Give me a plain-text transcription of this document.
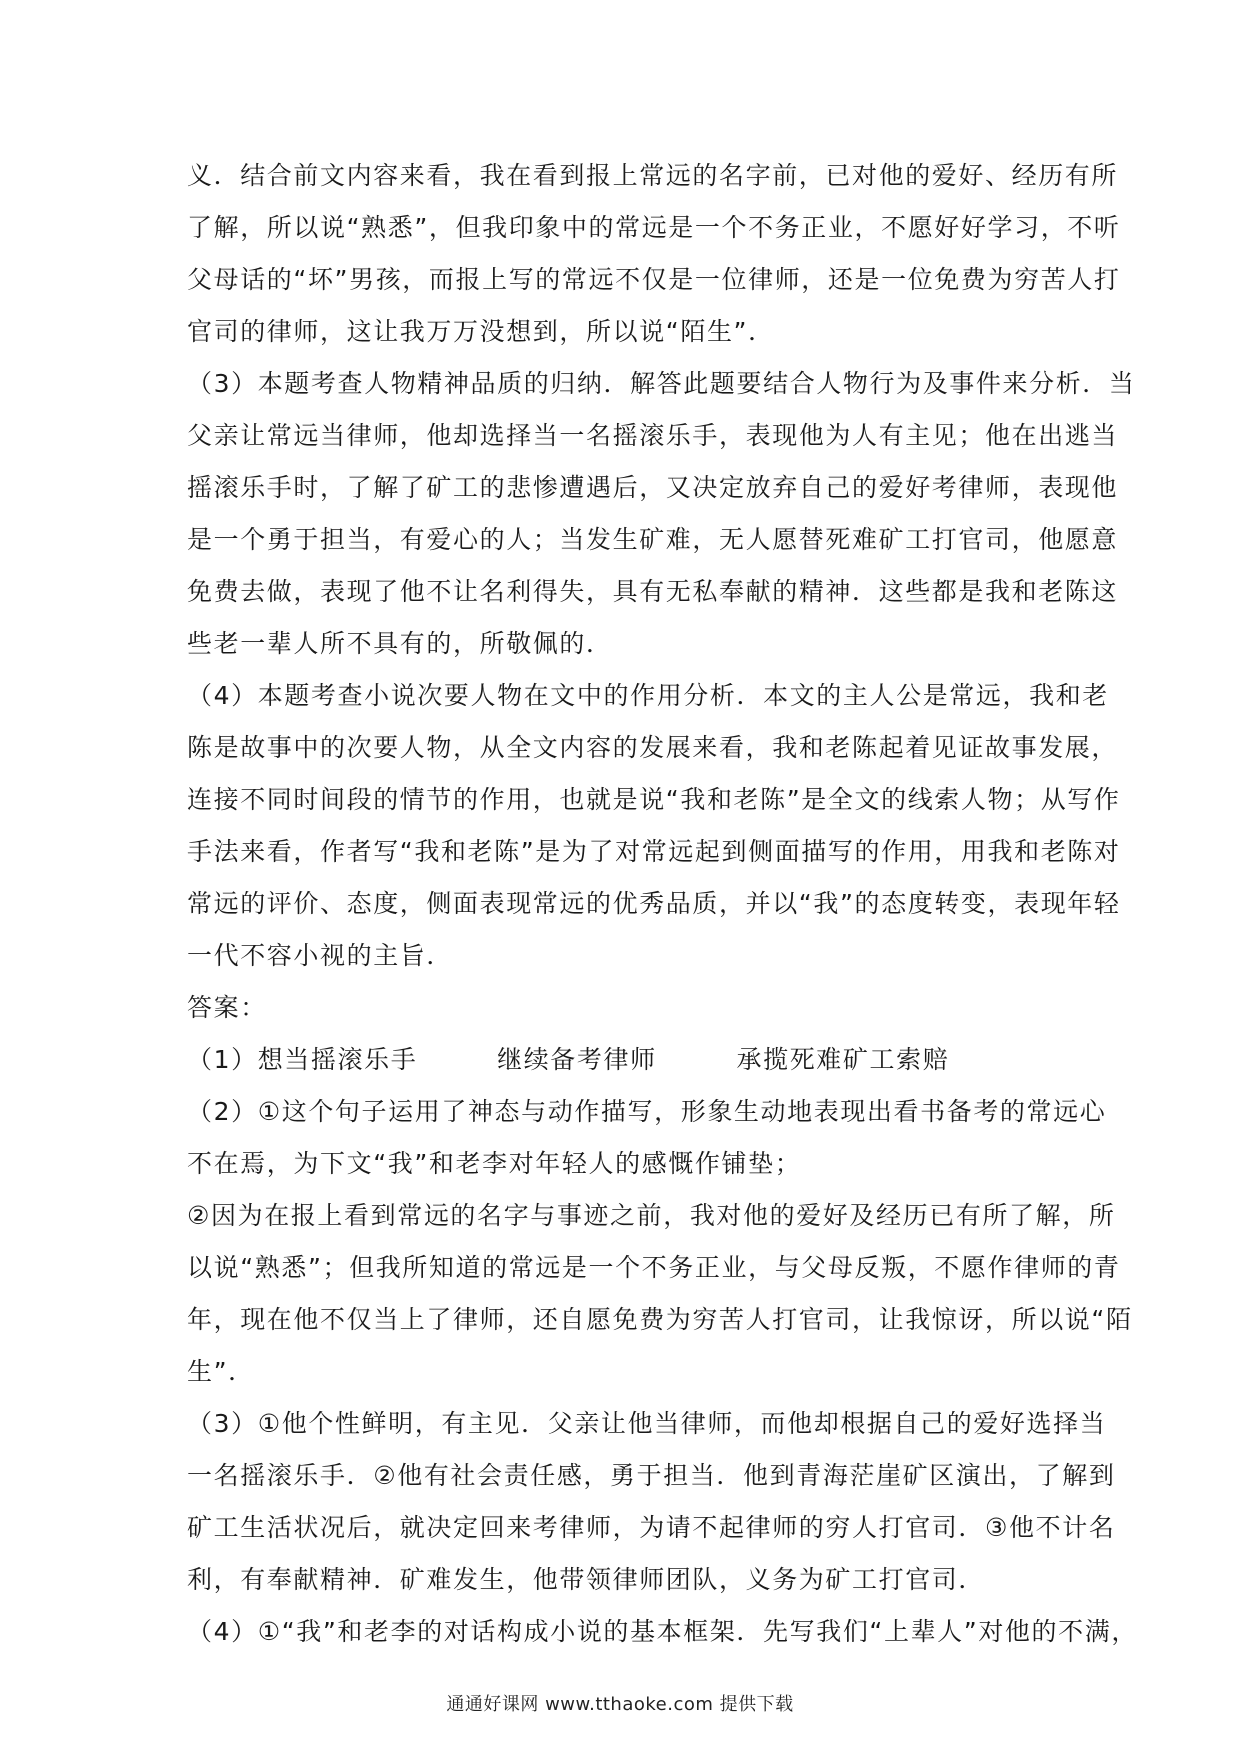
义．结合前文内容来看，我在看到报上常远的名字前，已对他的爱好、经历有所
了解，所以说“熟悉”，但我印象中的常远是一个不务正业，不愿好好学习，不听
父母话的“坏”男孩，而报上写的常远不仅是一位律师，还是一位免费为穷苦人打
官司的律师，这让我万万没想到，所以说“陌生”．
（3）本题考查人物精神品质的归纳．解答此题要结合人物行为及事件来分析．当
父亲让常远当律师，他却选择当一名摇滚乐手，表现他为人有主见；他在出逃当
摇滚乐手时，了解了矿工的悲惨遭遇后，又决定放弃自己的爱好考律师，表现他
是一个勇于担当，有爱心的人；当发生矿难，无人愿替死难矿工打官司，他愿意
免费去做，表现了他不让名利得失，具有无私奉献的精神．这些都是我和老陈这
些老一辈人所不具有的，所敬佩的．
（4）本题考查小说次要人物在文中的作用分析．本文的主人公是常远，我和老
陈是故事中的次要人物，从全文内容的发展来看，我和老陈起着见证故事发展，
连接不同时间段的情节的作用，也就是说“我和老陈”是全文的线索人物；从写作
手法来看，作者写“我和老陈”是为了对常远起到侧面描写的作用，用我和老陈对
常远的评价、态度，侧面表现常远的优秀品质，并以“我”的态度转变，表现年轻
一代不容小视的主旨．
答案：
（1）想当摇滚乐手　　　继续备考律师　　　承揽死难矿工索赔
（2）①这个句子运用了神态与动作描写，形象生动地表现出看书备考的常远心
不在焉，为下文“我”和老李对年轻人的感慨作铺垫；
②因为在报上看到常远的名字与事迹之前，我对他的爱好及经历已有所了解，所
以说“熟悉”；但我所知道的常远是一个不务正业，与父母反叛，不愿作律师的青
年，现在他不仅当上了律师，还自愿免费为穷苦人打官司，让我惊讶，所以说“陌
生”．
（3）①他个性鲜明，有主见．父亲让他当律师，而他却根据自己的爱好选择当
一名摇滚乐手．②他有社会责任感，勇于担当．他到青海茫崖矿区演出，了解到
矿工生活状况后，就决定回来考律师，为请不起律师的穷人打官司．③他不计名
利，有奉献精神．矿难发生，他带领律师团队，义务为矿工打官司．
（4）①“我”和老李的对话构成小说的基本框架．先写我们“上辈人”对他的不满，
通通好课网 www.tthaoke.com 提供下载
